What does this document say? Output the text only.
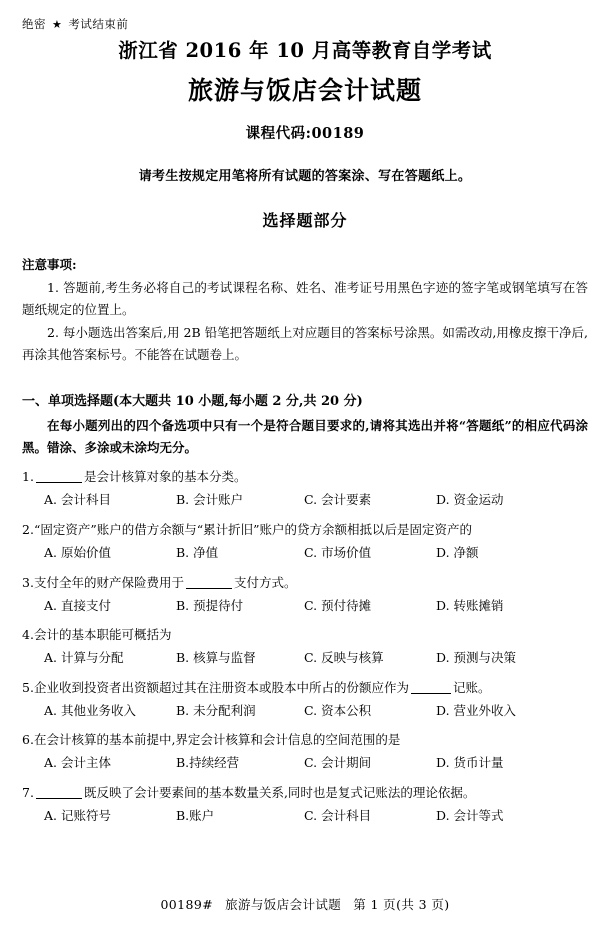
绝密 ★ 考试结束前
浙江省 2016 年 10 月高等教育自学考试
旅游与饭店会计试题
课程代码:00189
请考生按规定用笔将所有试题的答案涂、写在答题纸上。
选择题部分
注意事项:
1. 答题前,考生务必将自己的考试课程名称、姓名、准考证号用黑色字迹的签字笔或钢笔填写在答题纸规定的位置上。
2. 每小题选出答案后,用 2B 铅笔把答题纸上对应题目的答案标号涂黑。如需改动,用橡皮擦干净后,再涂其他答案标号。不能答在试题卷上。
一、单项选择题(本大题共 10 小题,每小题 2 分,共 20 分)
在每小题列出的四个备选项中只有一个是符合题目要求的,请将其选出并将“答题纸”的相应代码涂黑。错涂、多涂或未涂均无分。
1.	是会计核算对象的基本分类。
A. 会计科目	B. 会计账户	C. 会计要素	D. 资金运动
2.“固定资产”账户的借方余额与“累计折旧”账户的贷方余额相抵以后是固定资产的
A. 原始价值	B. 净值	C. 市场价值	D. 净额
3.支付全年的财产保险费用于	支付方式。
A. 直接支付	B. 预提待付	C. 预付待摊	D. 转账摊销
4.会计的基本职能可概括为
A. 计算与分配	B. 核算与监督	C. 反映与核算	D. 预测与决策
5.企业收到投资者出资额超过其在注册资本或股本中所占的份额应作为	记账。
A. 其他业务收入	B. 未分配利润	C. 资本公积	D. 营业外收入
6.在会计核算的基本前提中,界定会计核算和会计信息的空间范围的是
A. 会计主体	B.持续经营	C. 会计期间	D. 货币计量
7.	既反映了会计要素间的基本数量关系,同时也是复式记账法的理论依据。
A. 记账符号	B.账户	C. 会计科目	D. 会计等式
00189# 旅游与饭店会计试题 第 1 页(共 3 页)
